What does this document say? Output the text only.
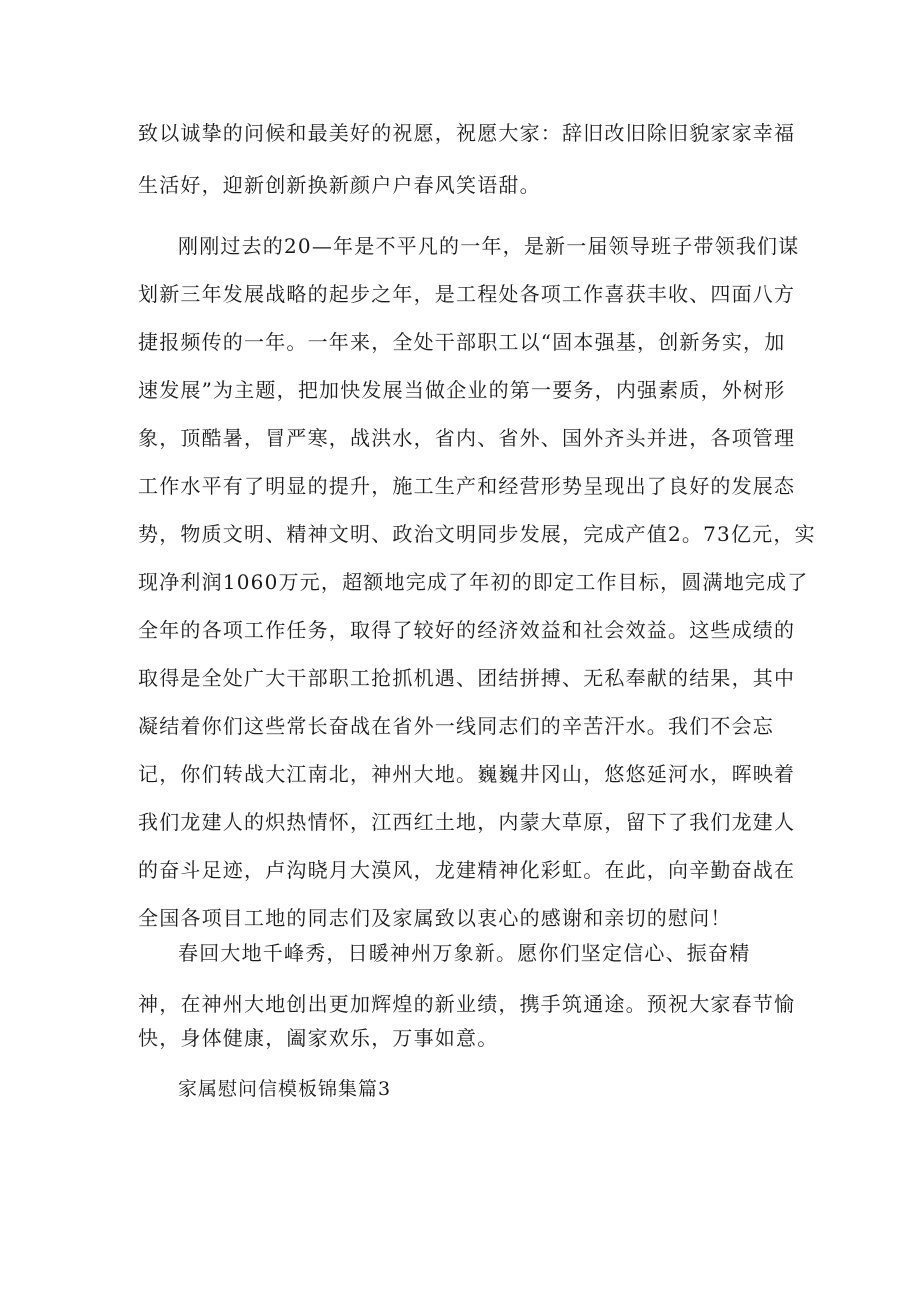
致以诚挚的问候和最美好的祝愿，祝愿大家：辞旧改旧除旧貌家家幸福
生活好，迎新创新换新颜户户春风笑语甜。
刚刚过去的20—年是不平凡的一年，是新一届领导班子带领我们谋
划新三年发展战略的起步之年，是工程处各项工作喜获丰收、四面八方
捷报频传的一年。一年来，全处干部职工以“固本强基，创新务实，加
速发展”为主题，把加快发展当做企业的第一要务，内强素质，外树形
象，顶酷暑，冒严寒，战洪水，省内、省外、国外齐头并进，各项管理
工作水平有了明显的提升，施工生产和经营形势呈现出了良好的发展态
势，物质文明、精神文明、政治文明同步发展，完成产值2。73亿元，实
现净利润1060万元，超额地完成了年初的即定工作目标，圆满地完成了
全年的各项工作任务，取得了较好的经济效益和社会效益。这些成绩的
取得是全处广大干部职工抢抓机遇、团结拼搏、无私奉献的结果，其中
凝结着你们这些常长奋战在省外一线同志们的辛苦汗水。我们不会忘
记，你们转战大江南北，神州大地。巍巍井冈山，悠悠延河水，晖映着
我们龙建人的炽热情怀，江西红土地，内蒙大草原，留下了我们龙建人
的奋斗足迹，卢沟晓月大漠风，龙建精神化彩虹。在此，向辛勤奋战在
全国各项目工地的同志们及家属致以衷心的感谢和亲切的慰问！
春回大地千峰秀，日暖神州万象新。愿你们坚定信心、振奋精
神，在神州大地创出更加辉煌的新业绩，携手筑通途。预祝大家春节愉
快，身体健康，阖家欢乐，万事如意。
家属慰问信模板锦集篇3
